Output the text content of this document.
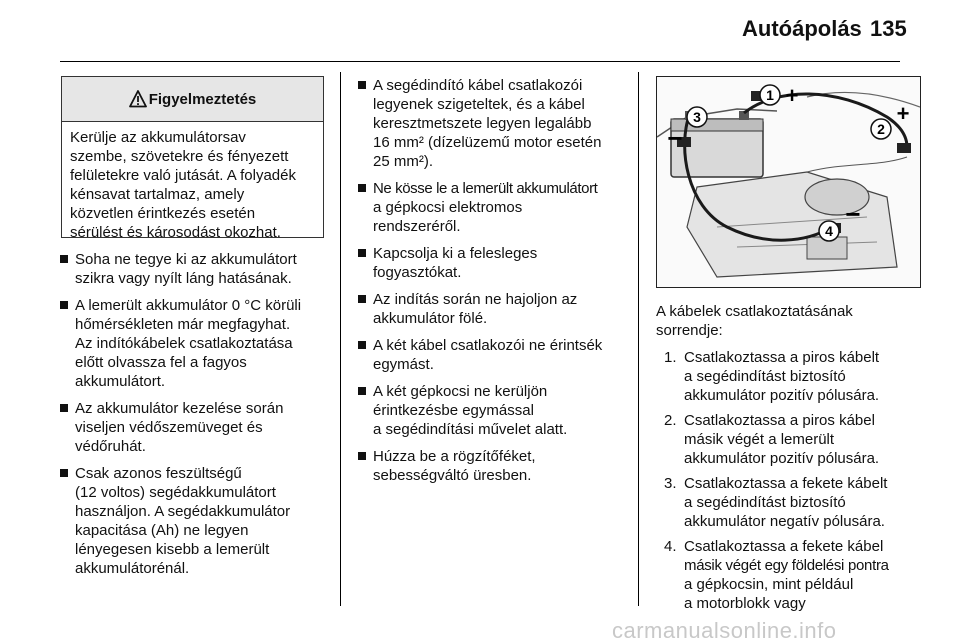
Autóápolás 135
Figyelmeztetés
Kerülje az akkumulátorsav
szembe, szövetekre és fényezett
felületekre való jutását. A folyadék
kénsavat tartalmaz, amely
közvetlen érintkezés esetén
sérülést és károsodást okozhat.
Soha ne tegye ki az akkumulátort
szikra vagy nyílt láng hatásának.
A lemerült akkumulátor 0 °C körüli
hőmérsékleten már megfagyhat.
Az indítókábelek csatlakoztatása
előtt olvassza fel a fagyos
akkumulátort.
Az akkumulátor kezelése során
viseljen védőszemüveget és
védőruhát.
Csak azonos feszültségű
(12 voltos) segédakkumulátort
használjon. A segédakkumulátor
kapacitása (Ah) ne legyen
lényegesen kisebb a lemerült
akkumulátorénál.
A segédindító kábel csatlakozói
legyenek szigeteltek, és a kábel
keresztmetszete legyen legalább
16 mm² (dízelüzemű motor esetén
25 mm²).
Ne kösse le a lemerült akkumulátort
a gépkocsi elektromos
rendszeréről.
Kapcsolja ki a felesleges
fogyasztókat.
Az indítás során ne hajoljon az
akkumulátor fölé.
A két kábel csatlakozói ne érintsék
egymást.
A két gépkocsi ne kerüljön
érintkezésbe egymással
a segédindítási művelet alatt.
Húzza be a rögzítőféket,
sebességváltó üresben.
1 +
2
+
3
−
4
−
A kábelek csatlakoztatásának
sorrendje:
1. Csatlakoztassa a piros kábelt
a segédindítást biztosító
akkumulátor pozitív pólusára.
2. Csatlakoztassa a piros kábel
másik végét a lemerült
akkumulátor pozitív pólusára.
3. Csatlakoztassa a fekete kábelt
a segédindítást biztosító
akkumulátor negatív pólusára.
4. Csatlakoztassa a fekete kábel
másik végét egy földelési pontra
a gépkocsin, mint például
a motorblokk vagy
carmanualsonline.info
